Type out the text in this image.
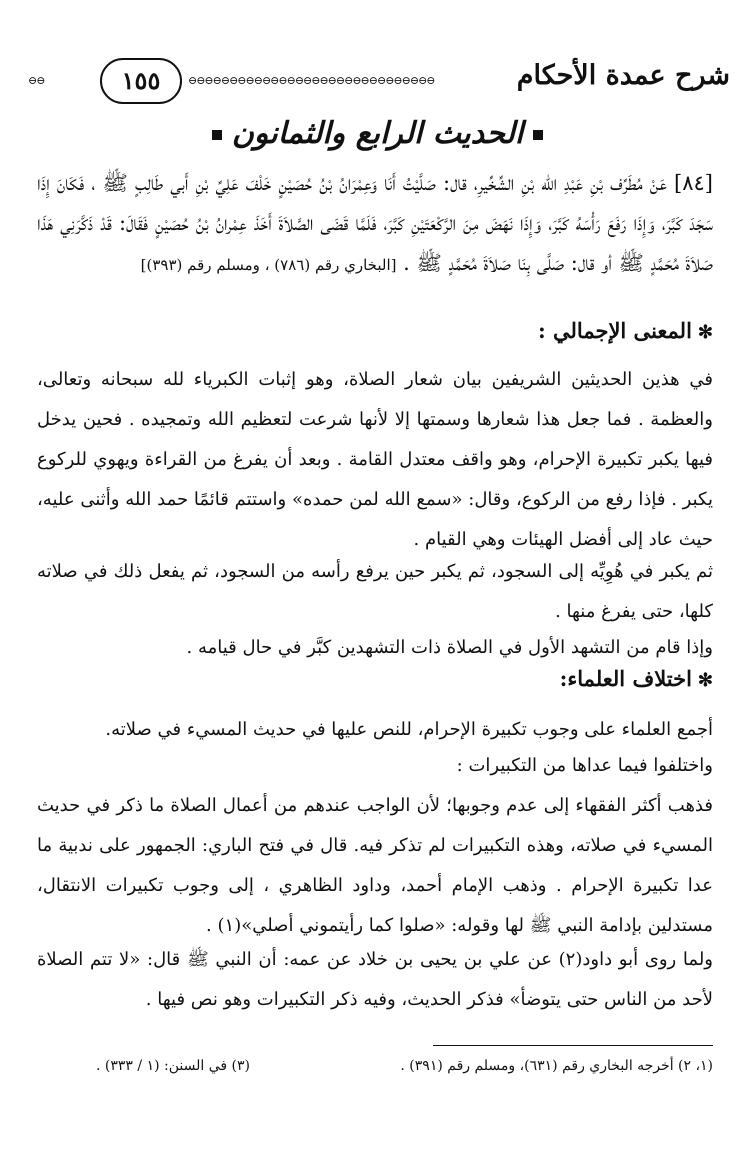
⊖⊖	١٥٥	⊖⊖⊖⊖⊖⊖⊖⊖⊖⊖⊖⊖⊖⊖⊖⊖⊖⊖⊖⊖⊖⊖⊖⊖⊖⊖⊖⊖⊖⊖	شرح عمدة الأحكام
الحديث الرابع والثمانون
[٨٤] عَنْ مُطَرِّف بْنِ عَبْدِ الله بْنِ الشِّخِّيرِ، قال: صَلَّيْتُ أَنَا وَعِمْرَانُ بْنُ حُصَيْنٍ خَلْفَ عَلِيِّ بْنِ أَبي طَالِبٍ ﷺ ، فَكَانَ إِذَا سَجَدَ كَبَّرَ، وَإِذَا رَفَعَ رَأْسَهُ كَبَّرَ، وَإِذَا نَهَضَ مِنَ الرَّكْعَتَيْنِ كَبَّرَ، فَلَمَّا قَضَى الصَّلاَةَ أَخَذَ عِمْرانُ بْنُ حُصَيْنٍ فَقَالَ: قَدْ ذَكَّرَنِي هَذَا صَلاَةَ مُحَمَّدٍ ﷺ أو قال: صَلَّى بِنَا صَلاَةَ مُحَمَّدٍ ﷺ . [البخاري رقم (٧٨٦) ، ومسلم رقم (٣٩٣)]
✻المعنى الإجمالي :
في هذين الحديثين الشريفين بيان شعار الصلاة، وهو إثبات الكبرياء لله سبحانه وتعالى، والعظمة . فما جعل هذا شعارها وسمتها إلا لأنها شرعت لتعظيم الله وتمجيده . فحين يدخل فيها يكبر تكبيرة الإحرام، وهو واقف معتدل القامة . وبعد أن يفرغ من القراءة ويهوي للركوع يكبر . فإذا رفع من الركوع، وقال: «سمع الله لمن حمده» واستتم قائمًا حمد الله وأثنى عليه، حيث عاد إلى أفضل الهيئات وهي القيام .
ثم يكبر في هُوِيِّه إلى السجود، ثم يكبر حين يرفع رأسه من السجود، ثم يفعل ذلك في صلاته كلها، حتى يفرغ منها .
وإذا قام من التشهد الأول في الصلاة ذات التشهدين كبَّر في حال قيامه .
✻اختلاف العلماء:
أجمع العلماء على وجوب تكبيرة الإحرام، للنص عليها في حديث المسيء في صلاته.
واختلفوا فيما عداها من التكبيرات :
فذهب أكثر الفقهاء إلى عدم وجوبها؛ لأن الواجب عندهم من أعمال الصلاة ما ذكر في حديث المسيء في صلاته، وهذه التكبيرات لم تذكر فيه. قال في فتح الباري: الجمهور على ندبية ما عدا تكبيرة الإحرام . وذهب الإمام أحمد، وداود الظاهري ، إلى وجوب تكبيرات الانتقال، مستدلين بإدامة النبي ﷺ لها وقوله: «صلوا كما رأيتموني أصلي»(١) .
ولما روى أبو داود(٢) عن علي بن يحيى بن خلاد عن عمه: أن النبي ﷺ قال: «لا تتم الصلاة لأحد من الناس حتى يتوضأ» فذكر الحديث، وفيه ذكر التكبيرات وهو نص فيها .
(١، ٢) أخرجه البخاري رقم (٦٣١)، ومسلم رقم (٣٩١) .
(٣) في السنن: (١ / ٣٣٣) .
